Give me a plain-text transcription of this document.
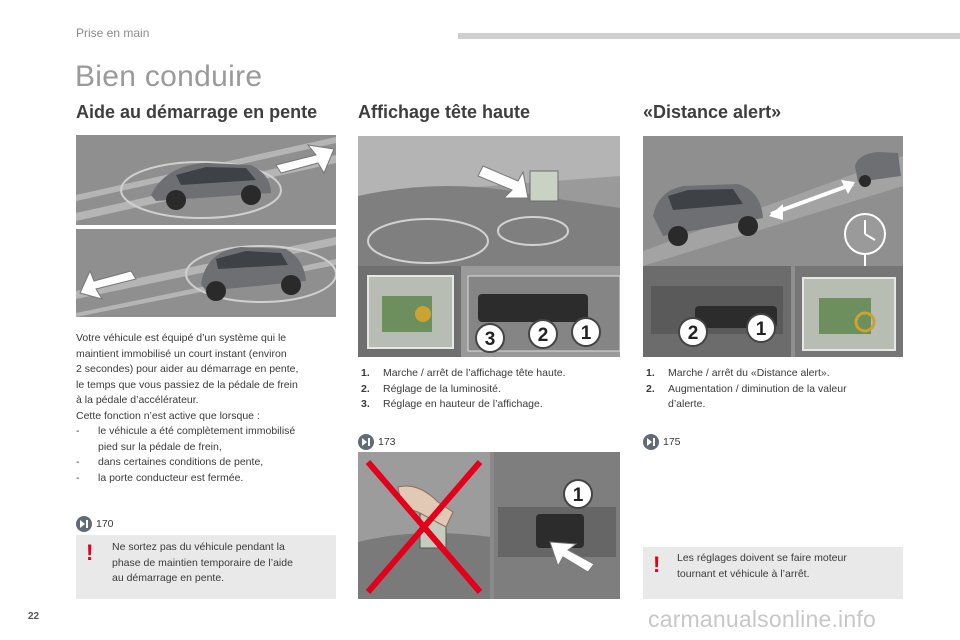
Prise en main
Bien conduire
Aide au démarrage en pente Affichage tête haute	«Distance alert»

Votre véhicule est équipé d’un système qui le

maintient immobilisé un court instant (environ

2 secondes) pour aider au démarrage en pente,

le temps que vous passiez de la pédale de frein

à la pédale d’accélérateur.

Cette fonction n’est active que lorsque :

-	le véhicule a été complètement immobilisé

pied sur la pédale de frein,

-	dans certaines conditions de pente,

-	la porte conducteur est fermée.

170
! Ne sortez pas du véhicule pendant la
phase de maintien temporaire de l’aide
au démarrage en pente.
3 2 1
1.	Marche / arrêt de l’affichage tête haute.
2.	Réglage de la luminosité.
3.	Réglage en hauteur de l’affichage.
173
1
2	1
1.	Marche / arrêt du «Distance alert».
2.	Augmentation / diminution de la valeur
d’alerte.
175
! Les réglages doivent se faire moteur
tournant et véhicule à l’arrêt.
22	carmanualsonline.info
